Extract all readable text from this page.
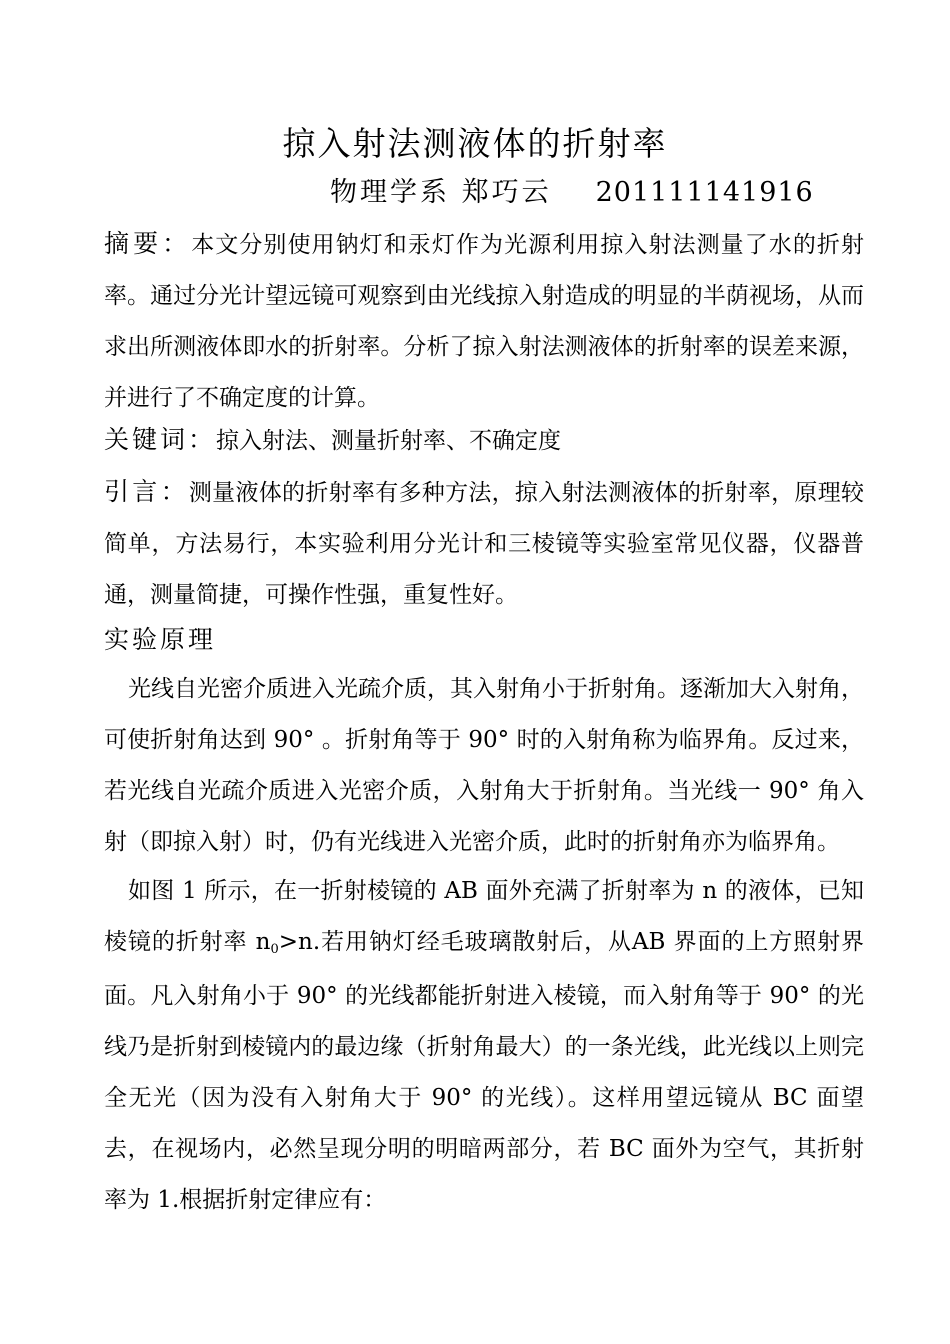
掠入射法测液体的折射率
物理学系 郑巧云 201111141916

摘要：本文分别使用钠灯和汞灯作为光源利用掠入射法测量了水的折射率。通过分光计望远镜可观察到由光线掠入射造成的明显的半荫视场，从而求出所测液体即水的折射率。分析了掠入射法测液体的折射率的误差来源，并进行了不确定度的计算。

关键词：掠入射法、测量折射率、不确定度

引言：测量液体的折射率有多种方法，掠入射法测液体的折射率，原理较简单，方法易行，本实验利用分光计和三棱镜等实验室常见仪器，仪器普通，测量简捷，可操作性强，重复性好。

实验原理

光线自光密介质进入光疏介质，其入射角小于折射角。逐渐加大入射角，可使折射角达到 90° 。折射角等于 90° 时的入射角称为临界角。反过来，若光线自光疏介质进入光密介质，入射角大于折射角。当光线一 90° 角入射（即掠入射）时，仍有光线进入光密介质，此时的折射角亦为临界角。

如图 1 所示，在一折射棱镜的 AB 面外充满了折射率为 n 的液体，已知棱镜的折射率 $n_0>n$.若用钠灯经毛玻璃散射后，从AB 界面的上方照射界面。凡入射角小于 90° 的光线都能折射进入棱镜，而入射角等于 90° 的光线乃是折射到棱镜内的最边缘（折射角最大）的一条光线，此光线以上则完全无光（因为没有入射角大于 90° 的光线）。这样用望远镜从 BC 面望去，在视场内，必然呈现分明的明暗两部分，若 BC 面外为空气，其折射率为 1.根据折射定律应有：
